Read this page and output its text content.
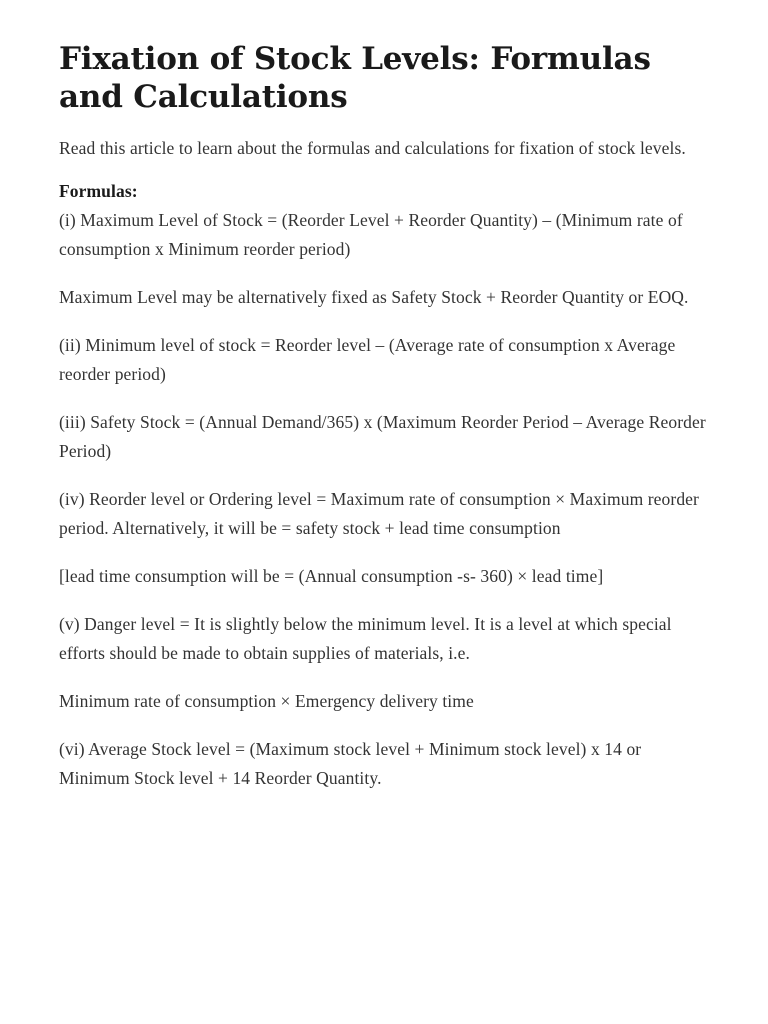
Fixation of Stock Levels: Formulas and Calculations

Read this article to learn about the formulas and calculations for fixation of stock levels.

Formulas:
(i) Maximum Level of Stock = (Reorder Level + Reorder Quantity) – (Minimum rate of consumption x Minimum reorder period)

Maximum Level may be alternatively fixed as Safety Stock + Reorder Quantity or EOQ.

(ii) Minimum level of stock = Reorder level – (Average rate of consumption x Average reorder period)

(iii) Safety Stock = (Annual Demand/365) x (Maximum Reorder Period – Average Reorder Period)

(iv) Reorder level or Ordering level = Maximum rate of consumption × Maximum reorder period. Alternatively, it will be = safety stock + lead time consumption

[lead time consumption will be = (Annual consumption -s- 360) × lead time]

(v) Danger level = It is slightly below the minimum level. It is a level at which special efforts should be made to obtain supplies of materials, i.e.

Minimum rate of consumption × Emergency delivery time

(vi) Average Stock level = (Maximum stock level + Minimum stock level) x 14 or Minimum Stock level + 14 Reorder Quantity.
